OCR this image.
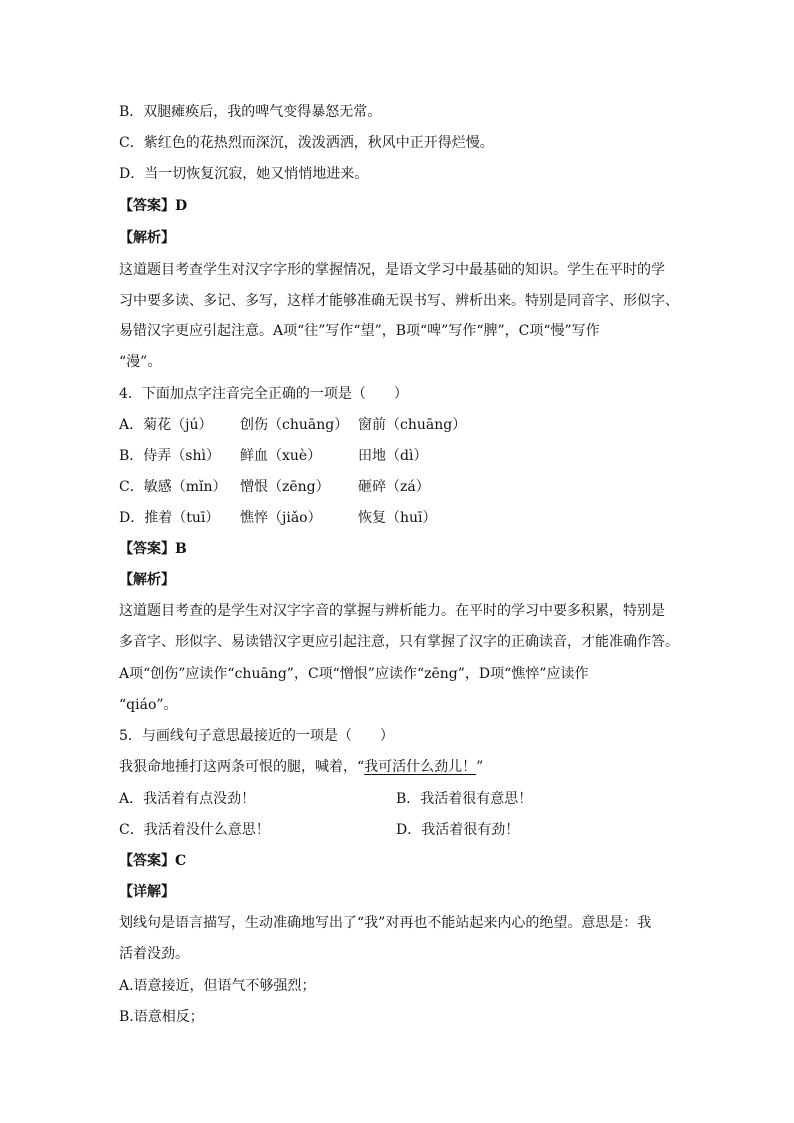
B．双腿瘫痪后，我的啤气变得暴怒无常。
C．紫红色的花热烈而深沉，泼泼洒洒，秋风中正开得烂慢。
D．当一切恢复沉寂，她又悄悄地进来。
【答案】D
【解析】
这道题目考查学生对汉字字形的掌握情况，是语文学习中最基础的知识。学生在平时的学
习中要多读、多记、多写，这样才能够准确无误书写、辨析出来。特别是同音字、形似字、
易错汉字更应引起注意。A项“往”写作“望”，B项“啤”写作“脾”，C项“慢”写作
“漫”。
4．下面加点字注音完全正确的一项是（　　）
A．菊花（jú） 创伤（chuāng） 窗前（chuāng）
B．侍弄（shì） 鲜血（xuè）	田地（dì）
C．敏感（mǐn） 憎恨（zēng） 砸碎（zá）
D．推着（tuī） 憔悴（jiǎo）	恢复（huī）
【答案】B
【解析】
这道题目考查的是学生对汉字字音的掌握与辨析能力。在平时的学习中要多积累，特别是
多音字、形似字、易读错汉字更应引起注意，只有掌握了汉字的正确读音，才能准确作答。
A项“创伤”应读作“chuāng”，C项“憎恨”应读作“zēng”，D项“憔悴”应读作
“qiáo”。
5．与画线句子意思最接近的一项是（　　）
我狠命地捶打这两条可恨的腿，喊着，“我可活什么劲儿！”
A．我活着有点没劲！	B．我活着很有意思！
C．我活着没什么意思！	D．我活着很有劲！
【答案】C
【详解】
划线句是语言描写，生动准确地写出了“我”对再也不能站起来内心的绝望。意思是：我
活着没劲。
A.语意接近，但语气不够强烈；
B.语意相反；
